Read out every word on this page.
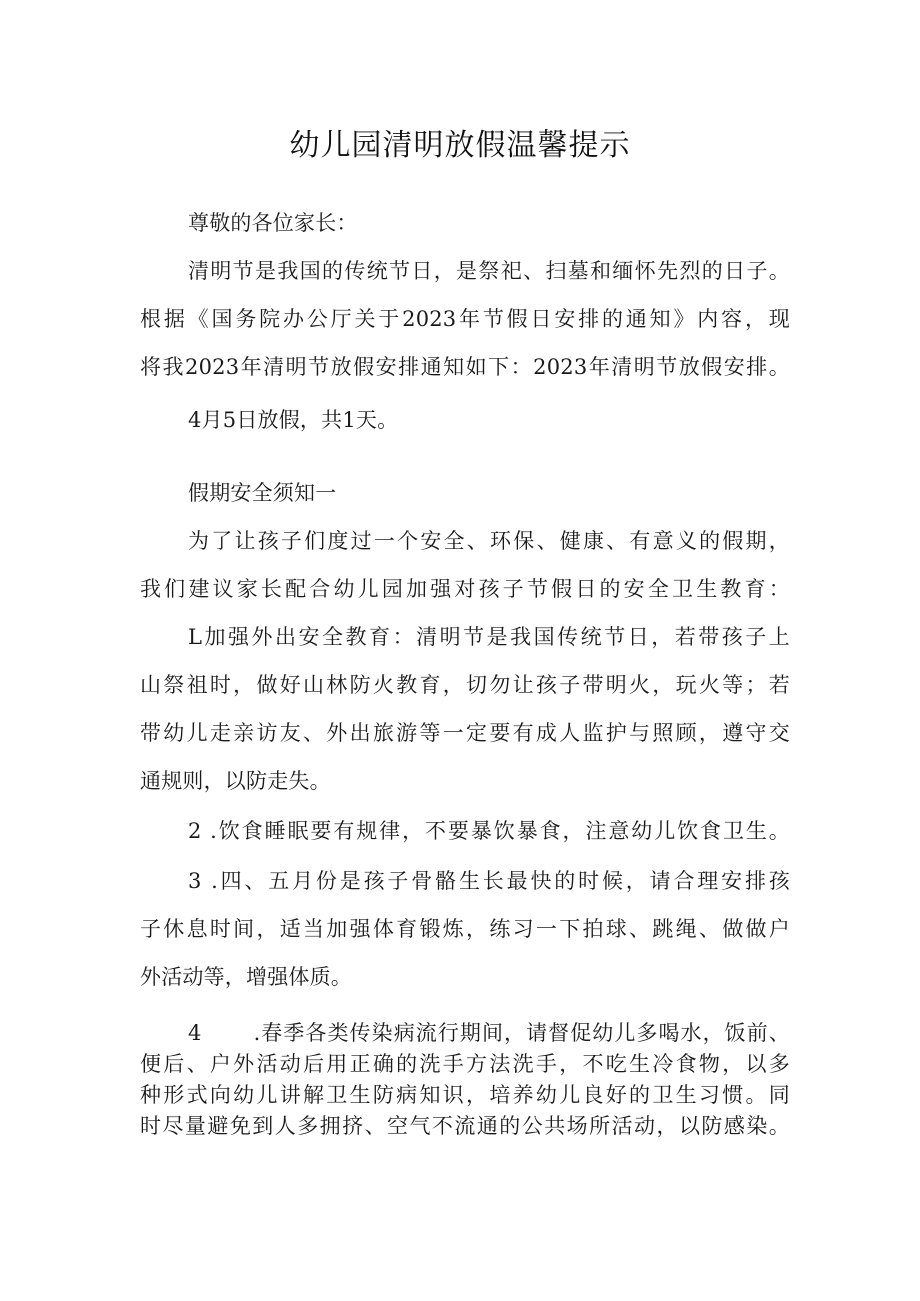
幼儿园清明放假温馨提示
尊敬的各位家长：
清明节是我国的传统节日，是祭祀、扫墓和缅怀先烈的日子。
根据《国务院办公厅关于2023年节假日安排的通知》内容，现
将我2023年清明节放假安排通知如下：2023年清明节放假安排。
4月5日放假，共1天。
假期安全须知一
为了让孩子们度过一个安全、环保、健康、有意义的假期，
我们建议家长配合幼儿园加强对孩子节假日的安全卫生教育：
L加强外出安全教育：清明节是我国传统节日，若带孩子上
山祭祖时，做好山林防火教育，切勿让孩子带明火，玩火等；若
带幼儿走亲访友、外出旅游等一定要有成人监护与照顾，遵守交
通规则，以防走失。
2 .饮食睡眠要有规律，不要暴饮暴食，注意幼儿饮食卫生。
3 .四、五月份是孩子骨骼生长最快的时候，请合理安排孩
子休息时间，适当加强体育锻炼，练习一下拍球、跳绳、做做户
外活动等，增强体质。
4 .春季各类传染病流行期间，请督促幼儿多喝水，饭前、
便后、户外活动后用正确的洗手方法洗手，不吃生冷食物，以多
种形式向幼儿讲解卫生防病知识，培养幼儿良好的卫生习惯。同
时尽量避免到人多拥挤、空气不流通的公共场所活动，以防感染。
